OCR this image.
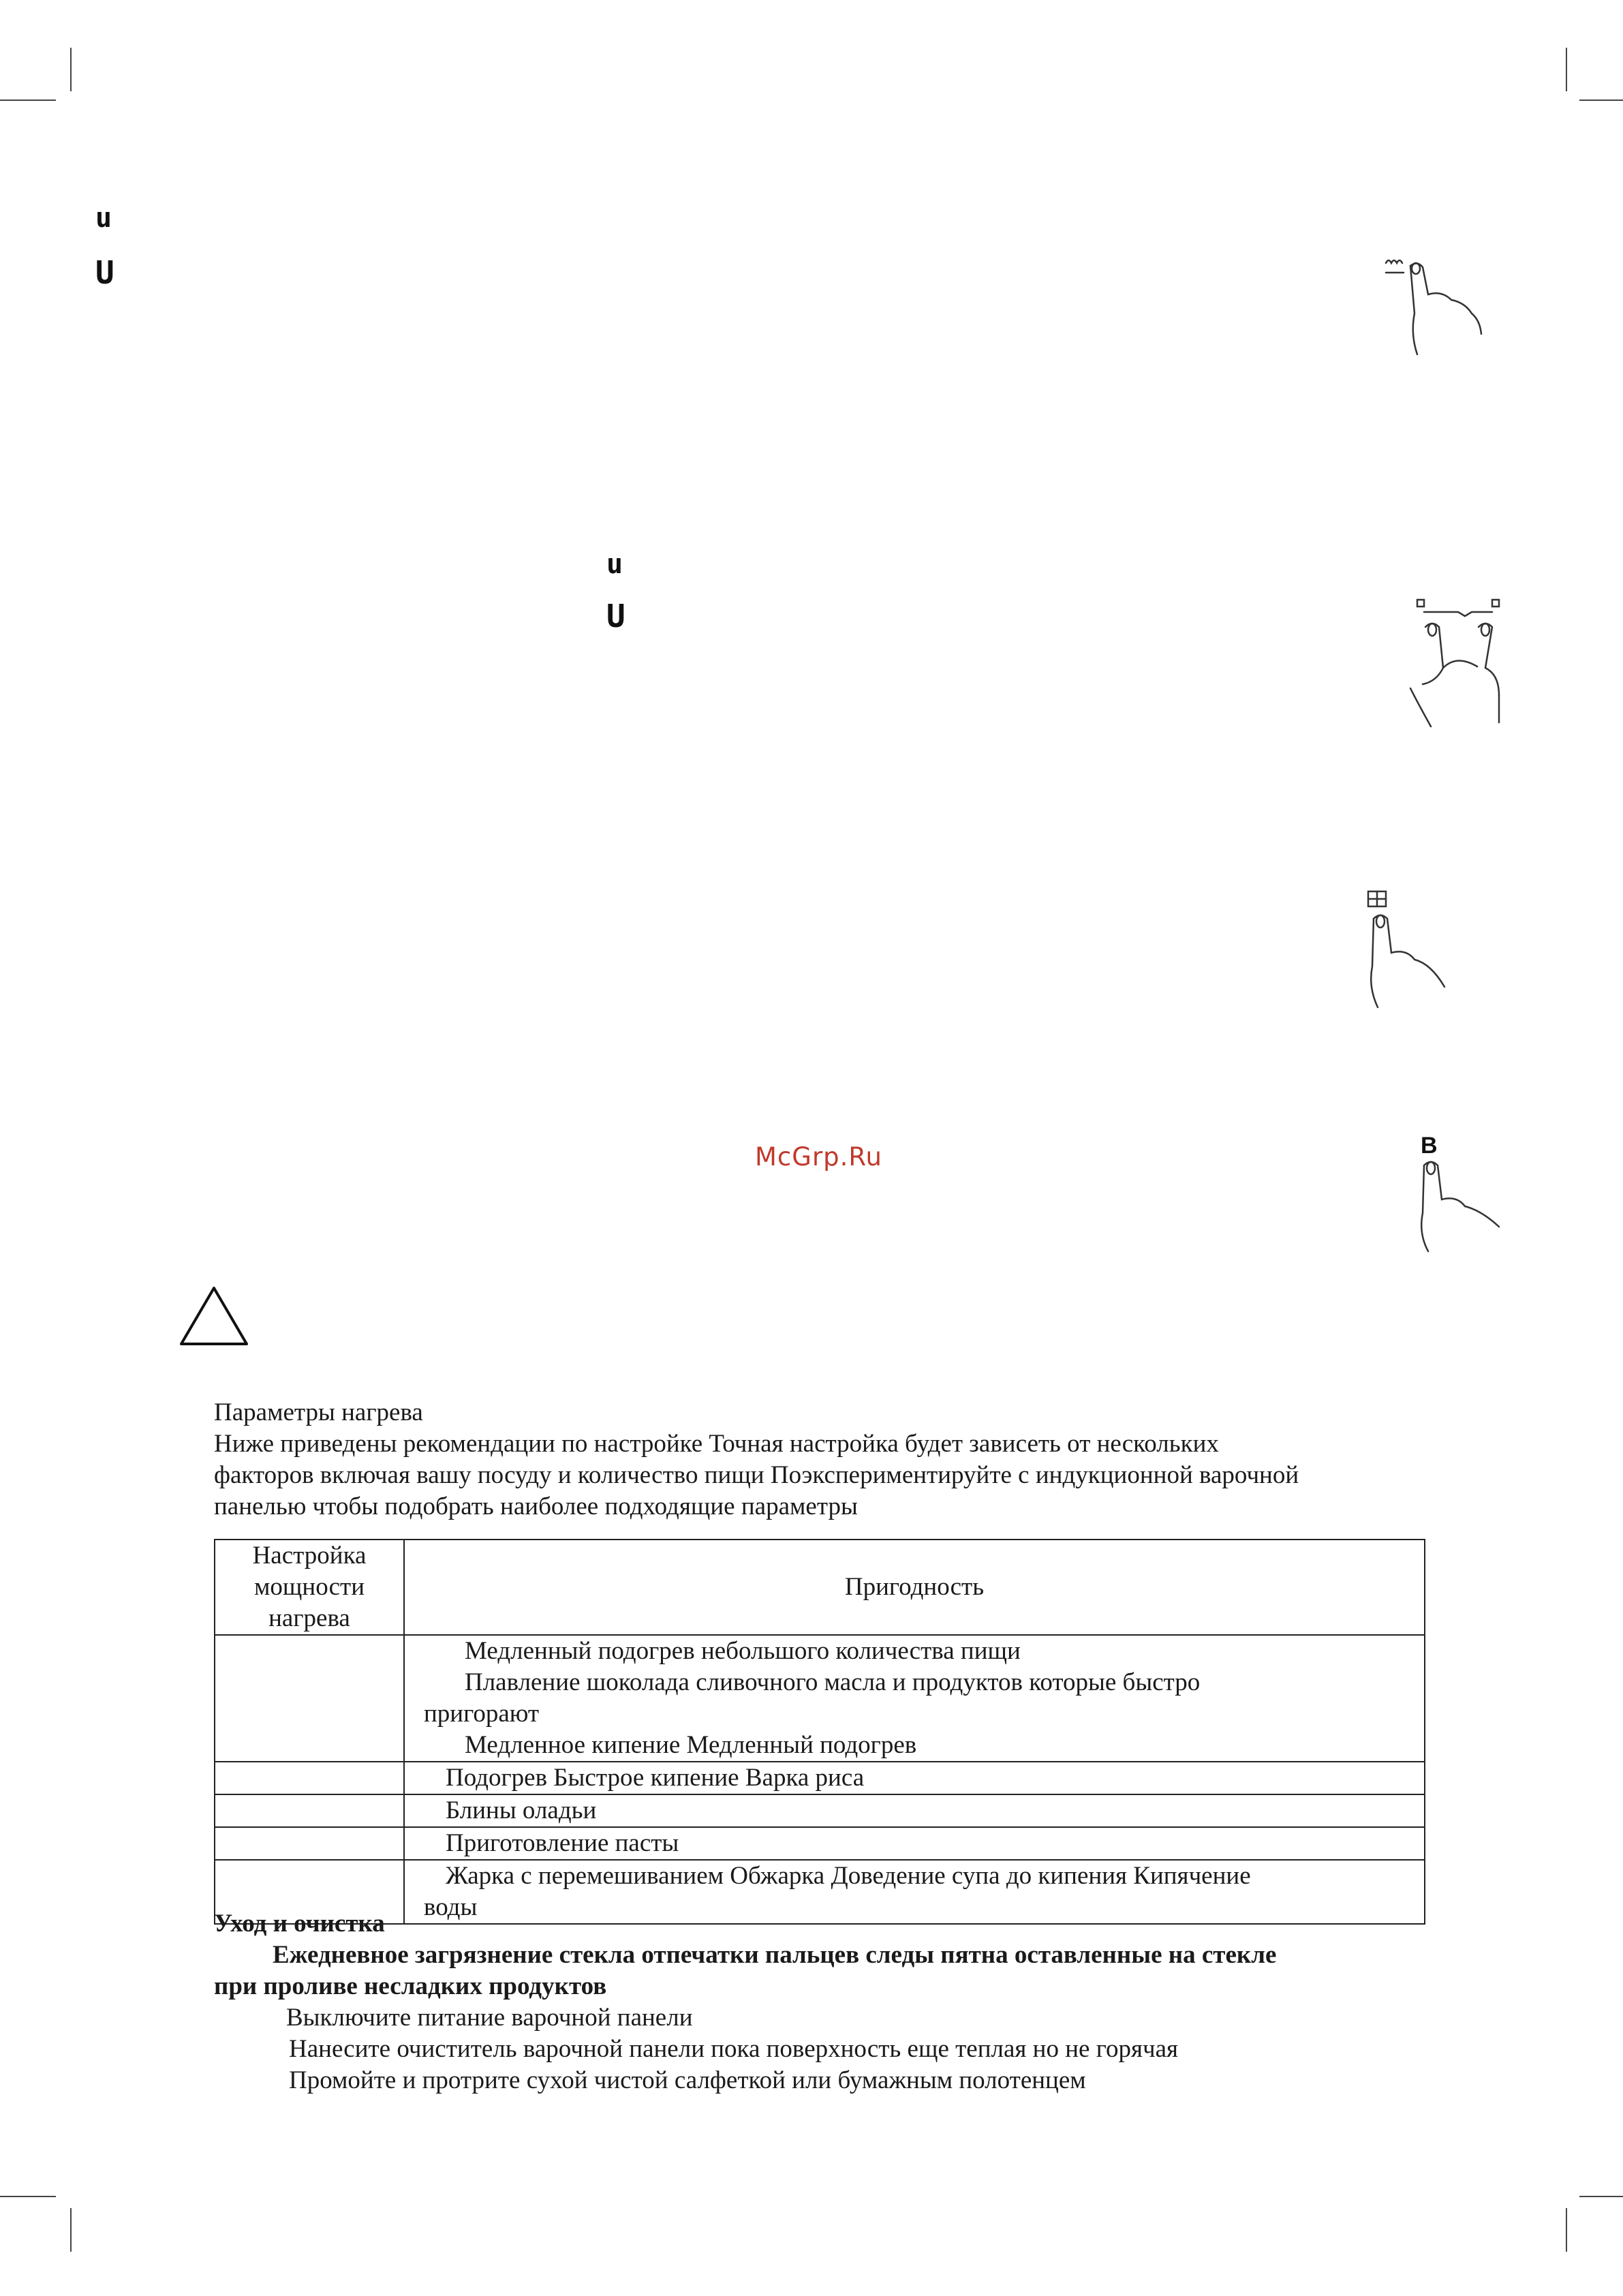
u
U
u
U
B
McGrp.Ru
Параметры нагрева
Ниже приведены рекомендации по настройке Точная настройка будет зависеть от нескольких
факторов включая вашу посуду и количество пищи Поэкспериментируйте с индукционной варочной
панелью чтобы подобрать наиболее подходящие параметры
Настройка
мощности
нагрева	Пригодность

	Медленный подогрев небольшого количества пищи
Плавление шоколада сливочного масла и продуктов которые быстро
пригорают
Медленное кипение Медленный подогрев

	Подогрев Быстрое кипение Варка риса

	Блины оладьи

	Приготовление пасты

	Жарка с перемешиванием Обжарка Доведение супа до кипения Кипячение
воды
Уход и очистка
Ежедневное загрязнение стекла отпечатки пальцев следы пятна оставленные на стекле
при проливе несладких продуктов
Выключите питание варочной панели
Нанесите очиститель варочной панели пока поверхность еще теплая но не горячая
Промойте и протрите сухой чистой салфеткой или бумажным полотенцем
